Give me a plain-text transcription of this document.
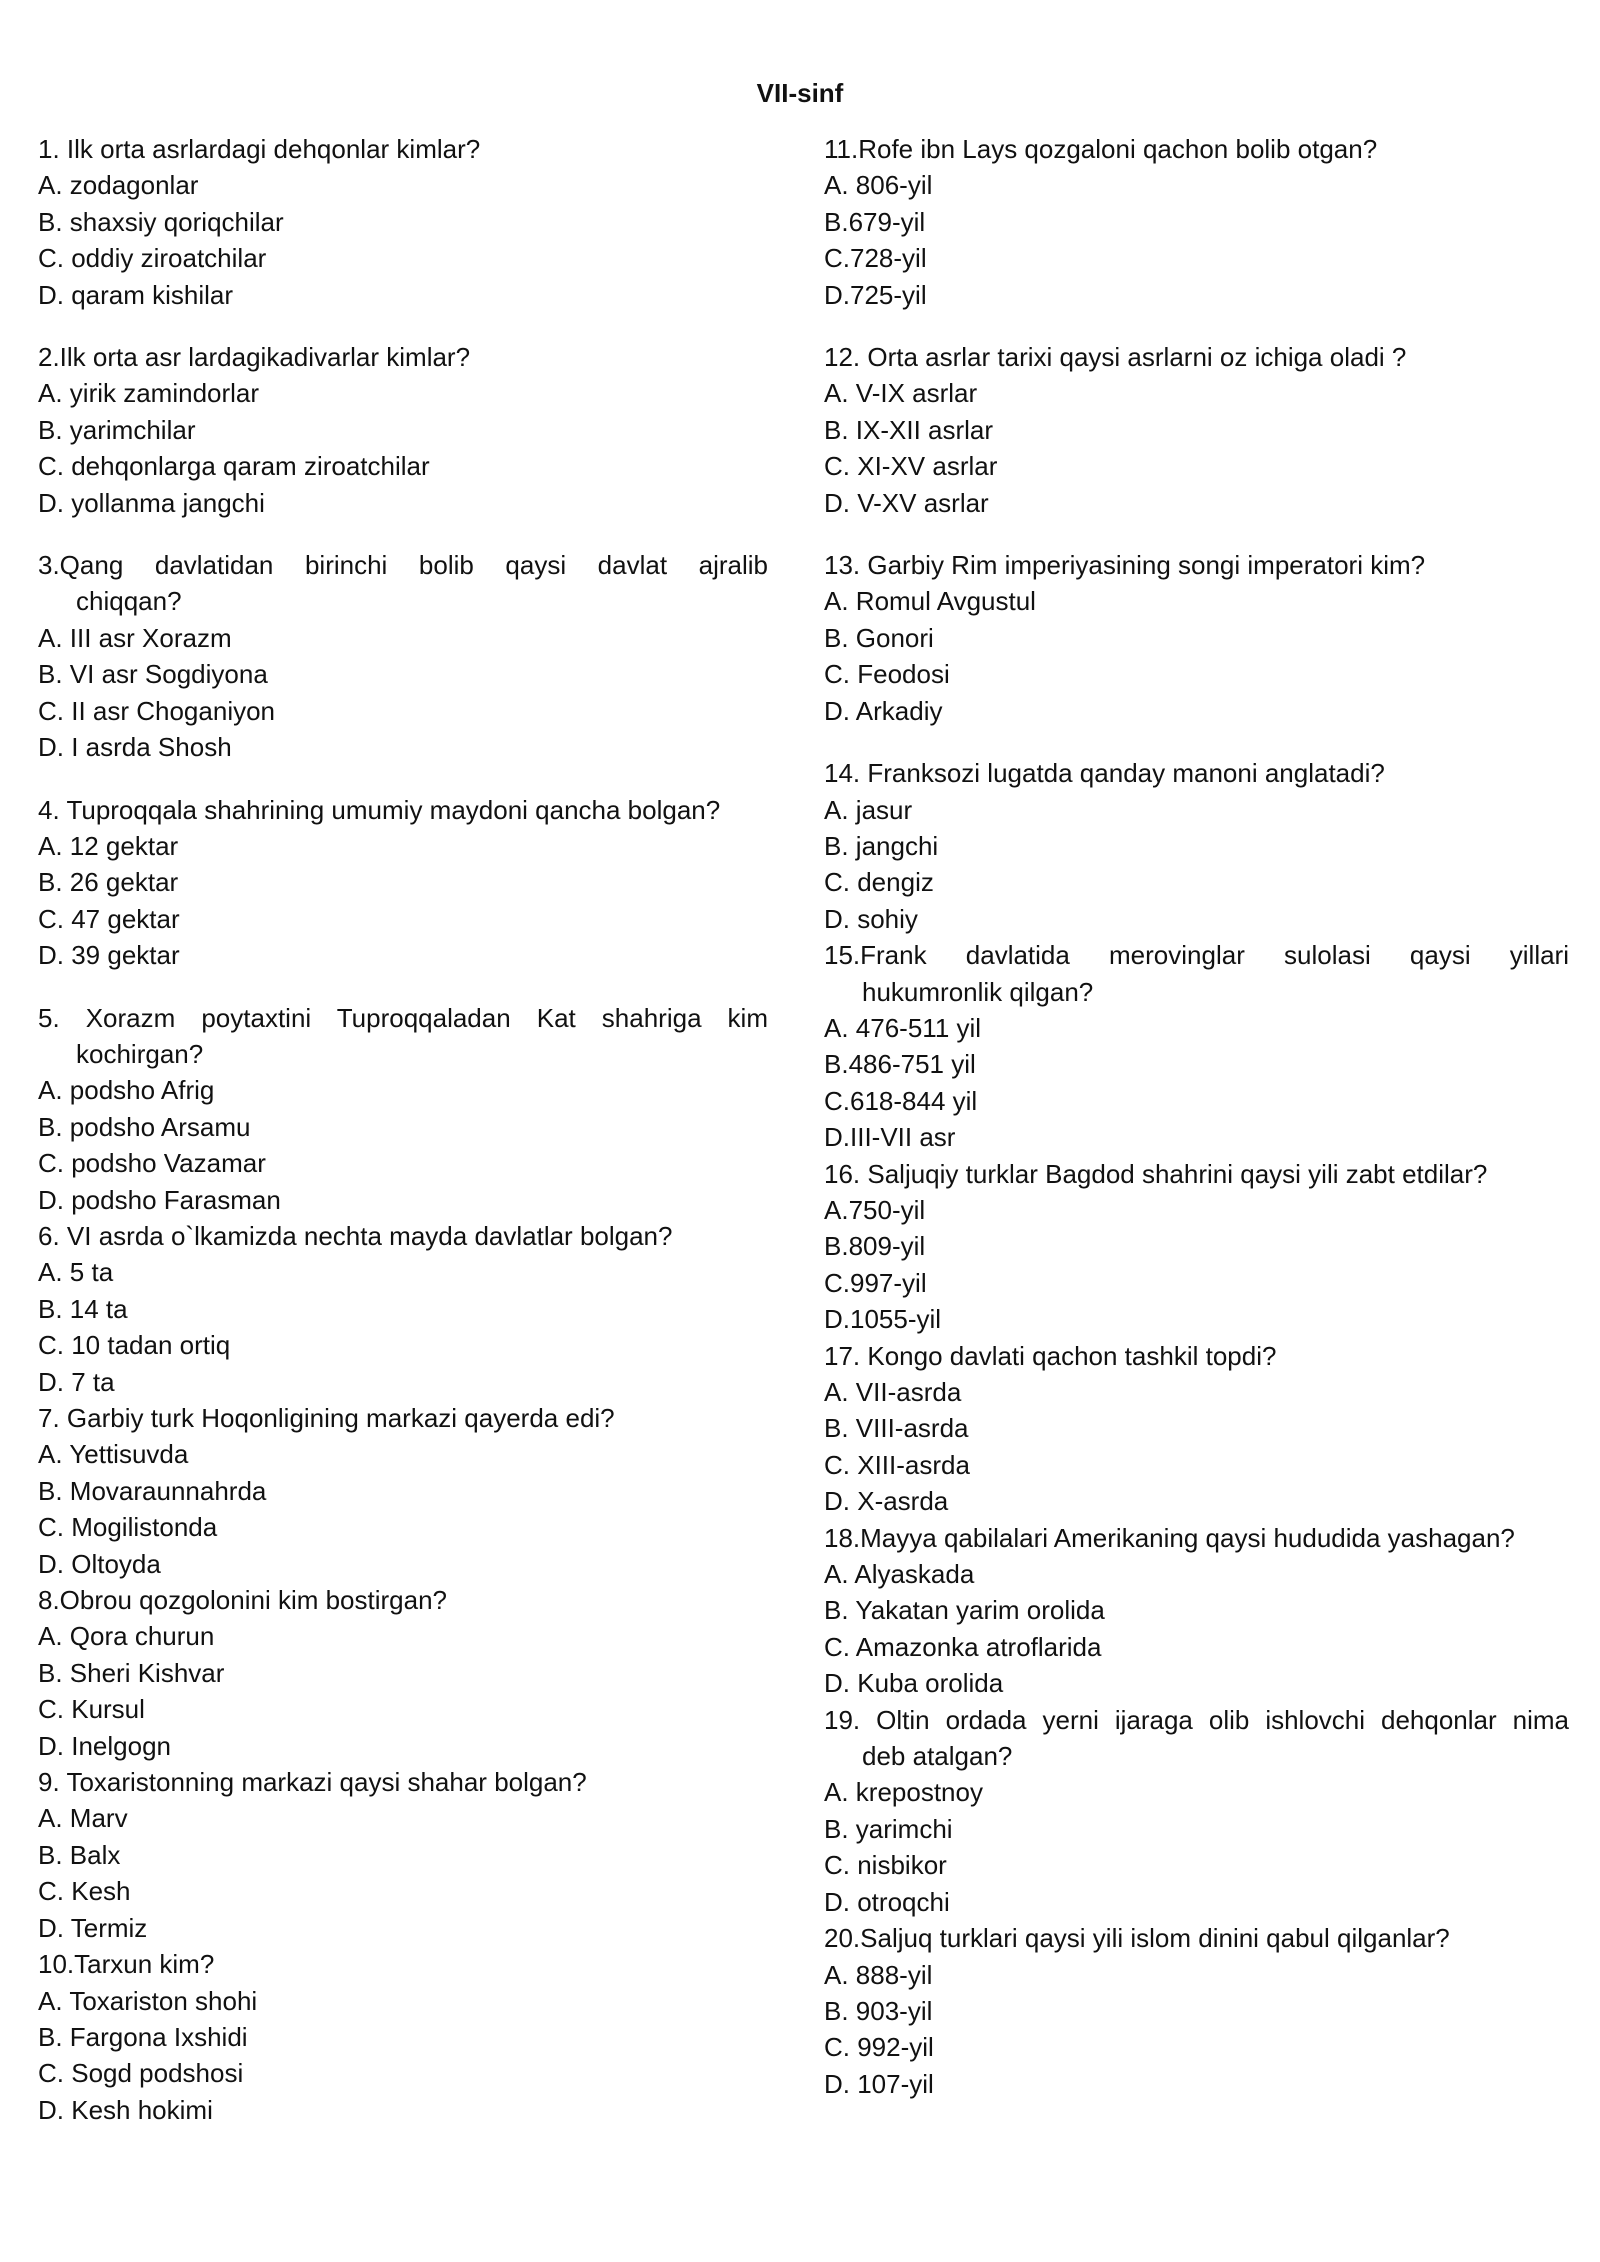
VII-sinf
1. Ilk orta asrlardagi dehqonlar kimlar?
A. zodagonlar
B. shaxsiy qoriqchilar
C. oddiy ziroatchilar
D. qaram kishilar
2.Ilk orta asr lardagikadivarlar kimlar?
A. yirik zamindorlar
B. yarimchilar
C. dehqonlarga qaram ziroatchilar
D. yollanma jangchi
3.Qang davlatidan birinchi bolib qaysi davlat ajralib
chiqqan?
A. III asr Xorazm
B. VI asr Sogdiyona
C. II asr Choganiyon
D. I asrda Shosh
4. Tuproqqala shahrining umumiy maydoni qancha bolgan?
A. 12 gektar
B. 26 gektar
C. 47 gektar
D. 39 gektar
5. Xorazm poytaxtini Tuproqqaladan Kat shahriga kim
kochirgan?
A. podsho Afrig
B. podsho Arsamu
C. podsho Vazamar
D. podsho Farasman
6. VI asrda o`lkamizda nechta mayda davlatlar bolgan?
A. 5 ta
B. 14 ta
C. 10 tadan ortiq
D. 7 ta
7. Garbiy turk Hoqonligining markazi qayerda edi?
A. Yettisuvda
B. Movaraunnahrda
C. Mogilistonda
D. Oltoyda
8.Obrou qozgolonini kim bostirgan?
A. Qora churun
B. Sheri Kishvar
C. Kursul
D. Inelgogn
9. Toxaristonning markazi qaysi shahar bolgan?
A. Marv
B. Balx
C. Kesh
D. Termiz
10.Tarxun kim?
A. Toxariston shohi
B. Fargona Ixshidi
C. Sogd podshosi
D. Kesh hokimi
11.Rofe ibn Lays qozgaloni qachon bolib otgan?
A. 806-yil
B.679-yil
C.728-yil
D.725-yil
12. Orta asrlar tarixi qaysi asrlarni oz ichiga oladi ?
A. V-IX asrlar
B. IX-XII asrlar
C. XI-XV asrlar
D. V-XV asrlar
13. Garbiy Rim imperiyasining songi imperatori kim?
A. Romul Avgustul
B. Gonori
C. Feodosi
D. Arkadiy
14. Franksozi lugatda qanday manoni anglatadi?
A. jasur
B. jangchi
C. dengiz
D. sohiy
15.Frank davlatida merovinglar sulolasi qaysi yillari
hukumronlik qilgan?
A. 476-511 yil
B.486-751 yil
C.618-844 yil
D.III-VII asr
16. Saljuqiy turklar Bagdod shahrini qaysi yili zabt etdilar?
A.750-yil
B.809-yil
C.997-yil
D.1055-yil
17. Kongo davlati qachon tashkil topdi?
A. VII-asrda
B. VIII-asrda
C. XIII-asrda
D. X-asrda
18.Mayya qabilalari Amerikaning qaysi hududida yashagan?
A. Alyaskada
B. Yakatan yarim orolida
C. Amazonka atroflarida
D. Kuba orolida
19. Oltin ordada yerni ijaraga olib ishlovchi dehqonlar nima
deb atalgan?
A. krepostnoy
B. yarimchi
C. nisbikor
D. otroqchi
20.Saljuq turklari qaysi yili islom dinini qabul qilganlar?
A. 888-yil
B. 903-yil
C. 992-yil
D. 107-yil
